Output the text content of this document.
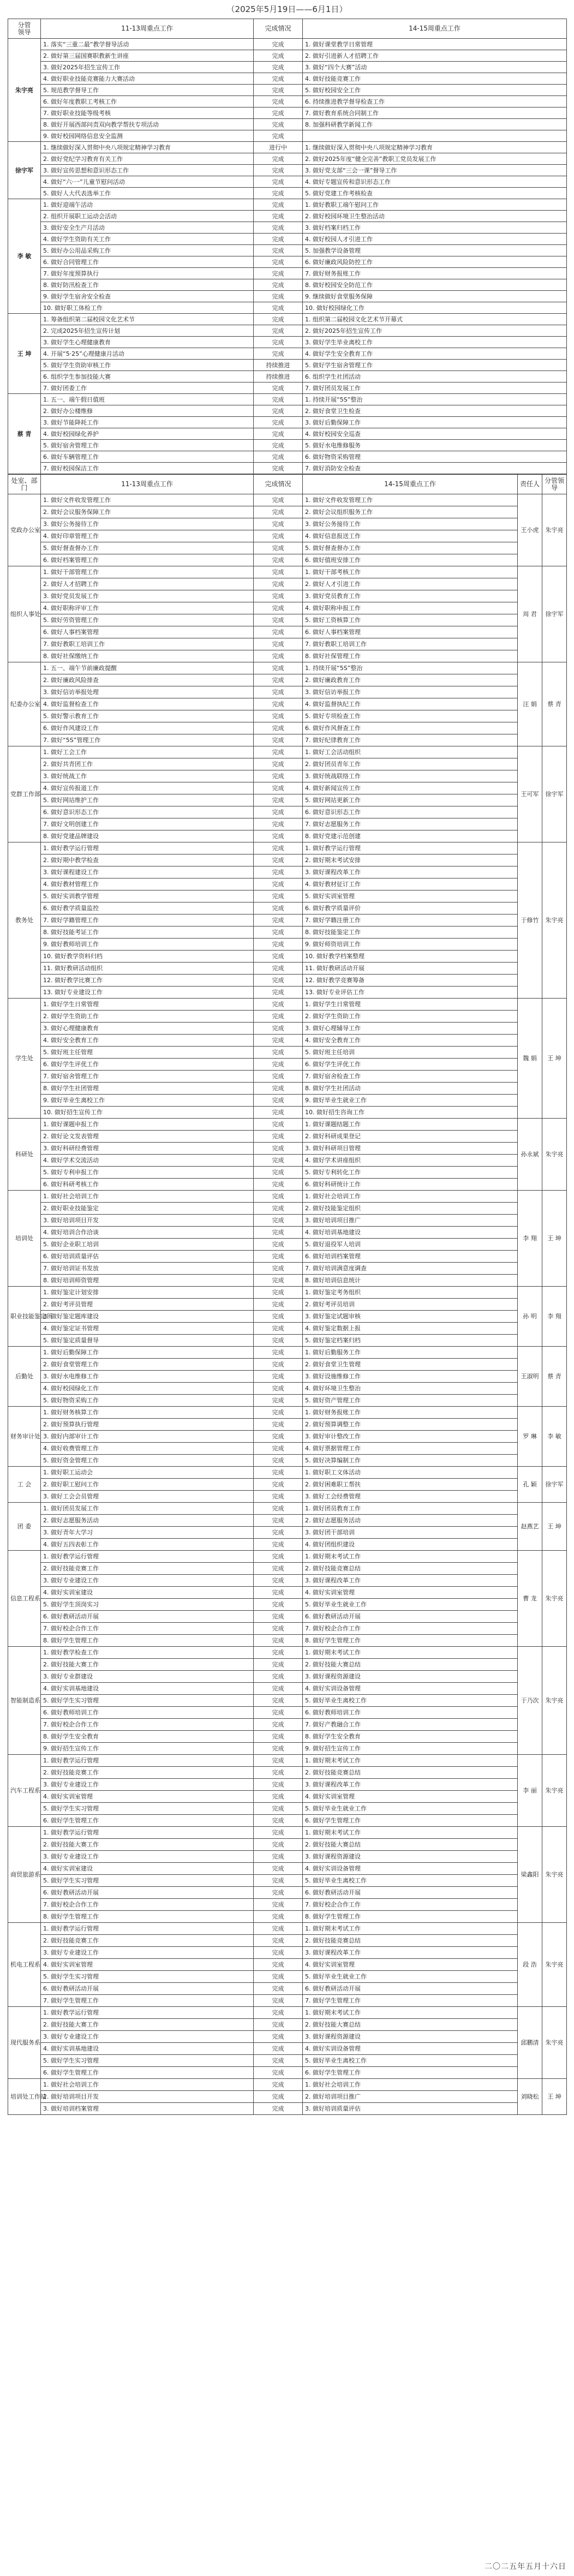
（2025年5月19日——6月1日）
分管
领导	11-13周重点工作	完成情况	14-15周重点工作
朱宇亮	1. 落实“三重二最”教学督导活动	完成	1. 做好课堂教学日常管理
	2. 做好第三届国赛职教新生讲座	完成	2. 做好引进新人才招聘工作
	3. 做好2025年招生宣传工作	完成	3. 做好“四个大赛”活动
	4. 做好职业技能竞赛能力大赛活动	完成	4. 做好技能竞赛工作
	5. 规范教学督导工作	完成	5. 做好校园安全工作
	6. 做好年度教职工考核工作	完成	6. 持续推进教学督导检查工作
	7. 做好职业技能等级考核	完成	7. 做好教育系统合同制工作
	8. 做好开展西部问责双向教学帮扶专项活动	完成	8. 加强科研教学新闻工作
	9. 做好校园网络信息安全监测	完成	
徐宇军	1. 继续做好深入贯彻中央八项规定精神学习教育	进行中	1. 继续做好深入贯彻中央八项规定精神学习教育
	2. 做好党纪学习教育有关工作	完成	2. 做好2025年度“健全完善”教职工党员发展工作
	3. 做好宣传思想和意识形态工作	完成	3. 做好党支部“三会一课”督导工作
	4. 做好“六·一”儿童节慰问活动	完成	4. 做好专题宣传和意识形态工作
	5. 做好人大代表选举工作	完成	5. 做好党建工作考核检查
李 敏	1. 做好迎端午活动	完成	1. 做好教职工端午慰问工作
	2. 组织开展职工运动会活动	完成	2. 做好校园环境卫生整治活动
	3. 做好安全生产月活动	完成	3. 做好档案归档工作
	4. 做好学生资助有关工作	完成	4. 做好校园人才引进工作
	5. 做好办公用品采购工作	完成	5. 加强教学设备管理
	6. 做好合同管理工作	完成	6. 做好廉政风险防控工作
	7. 做好年度预算执行	完成	7. 做好财务报账工作
	8. 做好防汛检查工作	完成	8. 做好校园安全防范工作
	9. 做好学生宿舍安全检查	完成	9. 继续做好食堂服务保障
	10. 做好职工体检工作	完成	10. 做好校园绿化工作
王 坤	1. 筹备组织第二届校园文化艺术节	完成	1. 组织第二届校园文化艺术节开幕式
	2. 完成2025年招生宣传计划	完成	2. 做好2025年招生宣传工作
	3. 做好学生心理健康教育	完成	3. 做好学生毕业离校工作
	4. 开展“5·25”心理健康月活动	完成	4. 做好学生安全教育工作
	5. 做好学生资助审核工作	持续推进	5. 做好学生宿舍管理工作
	6. 组织学生参加技能大赛	持续推进	6. 组织学生社团活动
	7. 做好团委工作	完成	7. 做好团员发展工作
蔡 青	1. 五一、端午假日值班	完成	1. 持续开展“5S”整治
	2. 做好办公楼维修	完成	2. 做好食堂卫生检查
	3. 做好节能降耗工作	完成	3. 做好后勤保障工作
	4. 做好校园绿化养护	完成	4. 做好校园安全巡查
	5. 做好宿舍管理工作	完成	5. 做好水电维修服务
	6. 做好车辆管理工作	完成	6. 做好物资采购管理
	7. 做好校园保洁工作	完成	7. 做好消防安全检查
处室、部门	11-13周重点工作	完成情况	14-15周重点工作	责任人	分管领导
党政办公室	1. 做好文件收发管理工作	完成	1. 做好文件收发管理工作	王小虎	朱宇亮
	2. 做好会议服务保障工作	完成	2. 做好会议组织服务工作		
	3. 做好公务接待工作	完成	3. 做好公务接待工作		
	4. 做好印章管理工作	完成	4. 做好信息报送工作		
	5. 做好督查督办工作	完成	5. 做好督查督办工作		
	6. 做好档案管理工作	完成	6. 做好值班安排工作		
组织人事处	1. 做好干部管理工作	完成	1. 做好干部考核工作	周 君	徐宇军
	2. 做好人才招聘工作	完成	2. 做好人才引进工作		
	3. 做好党员发展工作	完成	3. 做好党员教育工作		
	4. 做好职称评审工作	完成	4. 做好职称申报工作		
	5. 做好劳资管理工作	完成	5. 做好工资核算工作		
	6. 做好人事档案管理	完成	6. 做好人事档案管理		
	7. 做好教职工培训工作	完成	7. 做好教职工培训工作		
	8. 做好社保缴纳工作	完成	8. 做好社保管理工作		
纪委办公室	1. 五一、端午节前廉政提醒	完成	1. 持续开展“5S”整治	汪 娟	蔡 青
	2. 做好廉政风险排查	完成	2. 做好廉政教育工作		
	3. 做好信访举报处理	完成	3. 做好信访举报工作		
	4. 做好监督检查工作	完成	4. 做好监督执纪工作		
	5. 做好警示教育工作	完成	5. 做好专项检查工作		
	6. 做好作风建设工作	完成	6. 做好作风督查工作		
	7. 做好“5S”管理工作	完成	7. 做好纪律教育工作		
党群工作部	1. 做好工会工作	完成	1. 做好工会活动组织	王可军	徐宇军
	2. 做好共青团工作	完成	2. 做好团员青年工作		
	3. 做好统战工作	完成	3. 做好统战联络工作		
	4. 做好宣传报道工作	完成	4. 做好新闻宣传工作		
	5. 做好网站维护工作	完成	5. 做好网站更新工作		
	6. 做好意识形态工作	完成	6. 做好意识形态工作		
	7. 做好文明创建工作	完成	7. 做好志愿服务工作		
	8. 做好党建品牌建设	完成	8. 做好党建示范创建		
教务处	1. 做好教学运行管理	完成	1. 做好教学运行管理	于修竹	朱宇亮
	2. 做好期中教学检查	完成	2. 做好期末考试安排		
	3. 做好课程建设工作	完成	3. 做好课程改革工作		
	4. 做好教材管理工作	完成	4. 做好教材征订工作		
	5. 做好实训教学管理	完成	5. 做好实训室管理		
	6. 做好教学质量监控	完成	6. 做好教学质量评价		
	7. 做好学籍管理工作	完成	7. 做好学籍注册工作		
	8. 做好技能考证工作	完成	8. 做好技能鉴定工作		
	9. 做好教师培训工作	完成	9. 做好师资培训工作		
	10. 做好教学资料归档	完成	10. 做好教学档案整理		
	11. 做好教研活动组织	完成	11. 做好教研活动开展		
	12. 做好教学比赛工作	完成	12. 做好教学竞赛筹备		
	13. 做好专业建设工作	完成	13. 做好专业评估工作		
学生处	1. 做好学生日常管理	完成	1. 做好学生日常管理	魏 娟	王 坤
	2. 做好学生资助工作	完成	2. 做好学生资助工作		
	3. 做好心理健康教育	完成	3. 做好心理辅导工作		
	4. 做好安全教育工作	完成	4. 做好安全教育工作		
	5. 做好班主任管理	完成	5. 做好班主任培训		
	6. 做好学生评优工作	完成	6. 做好学生评优工作		
	7. 做好宿舍管理工作	完成	7. 做好宿舍检查工作		
	8. 做好学生社团管理	完成	8. 做好学生社团活动		
	9. 做好毕业生离校工作	完成	9. 做好毕业生就业工作		
	10. 做好招生宣传工作	完成	10. 做好招生咨询工作		
科研处	1. 做好课题申报工作	完成	1. 做好课题结题工作	孙永斌	朱宇亮
	2. 做好论文发表管理	完成	2. 做好科研成果登记		
	3. 做好科研经费管理	完成	3. 做好科研项目管理		
	4. 做好学术交流活动	完成	4. 做好学术讲座组织		
	5. 做好专利申报工作	完成	5. 做好专利转化工作		
	6. 做好科研考核工作	完成	6. 做好科研统计工作		
培训处	1. 做好社会培训工作	完成	1. 做好社会培训工作	李 翔	王 坤
	2. 做好职业技能鉴定	完成	2. 做好技能鉴定组织		
	3. 做好培训项目开发	完成	3. 做好培训项目推广		
	4. 做好培训合作洽谈	完成	4. 做好培训基地建设		
	5. 做好企业职工培训	完成	5. 做好退役军人培训		
	6. 做好培训质量评估	完成	6. 做好培训档案管理		
	7. 做好培训证书发放	完成	7. 做好培训满意度调查		
	8. 做好培训师资管理	完成	8. 做好培训信息统计		
职业技能鉴定所	1. 做好鉴定计划安排	完成	1. 做好鉴定考务组织	孙 明	李 翔
	2. 做好考评员管理	完成	2. 做好考评员培训		
	3. 做好鉴定题库建设	完成	3. 做好鉴定试题审核		
	4. 做好鉴定证书管理	完成	4. 做好鉴定数据上报		
	5. 做好鉴定质量督导	完成	5. 做好鉴定档案归档		
后勤处	1. 做好后勤保障工作	完成	1. 做好后勤服务工作	王淑明	蔡 青
	2. 做好食堂管理工作	完成	2. 做好食堂卫生管理		
	3. 做好水电维修工作	完成	3. 做好设施维修工作		
	4. 做好校园绿化工作	完成	4. 做好环境卫生整治		
	5. 做好物资采购工作	完成	5. 做好资产管理工作		
财务审计处	1. 做好财务核算工作	完成	1. 做好财务报账工作	罗 琳	李 敏
	2. 做好预算执行管理	完成	2. 做好预算调整工作		
	3. 做好内部审计工作	完成	3. 做好审计整改工作		
	4. 做好收费管理工作	完成	4. 做好票据管理工作		
	5. 做好资金管理工作	完成	5. 做好决算编制工作		
工 会	1. 做好职工运动会	完成	1. 做好职工文体活动	孔 颖	徐宇军
	2. 做好职工慰问工作	完成	2. 做好困难职工帮扶		
	3. 做好工会会员管理	完成	3. 做好工会经费管理		
团 委	1. 做好团员发展工作	完成	1. 做好团员教育工作	赵燕艺	王 坤
	2. 做好志愿服务活动	完成	2. 做好志愿服务活动		
	3. 做好青年大学习	完成	3. 做好团干部培训		
	4. 做好五四表彰工作	完成	4. 做好团组织建设		
信息工程系	1. 做好教学运行管理	完成	1. 做好期末考试工作	曹 龙	朱宇亮
	2. 做好技能竞赛工作	完成	2. 做好技能竞赛总结		
	3. 做好专业建设工作	完成	3. 做好课程改革工作		
	4. 做好实训室建设	完成	4. 做好实训室管理		
	5. 做好学生顶岗实习	完成	5. 做好毕业生就业工作		
	6. 做好教研活动开展	完成	6. 做好教研活动开展		
	7. 做好校企合作工作	完成	7. 做好校企合作工作		
	8. 做好学生管理工作	完成	8. 做好学生管理工作		
智能制造系	1. 做好教学检查工作	完成	1. 做好期末考试工作	于乃次	朱宇亮
	2. 做好技能大赛工作	完成	2. 做好技能大赛总结		
	3. 做好专业群建设	完成	3. 做好课程资源建设		
	4. 做好实训基地建设	完成	4. 做好实训设备管理		
	5. 做好学生实习管理	完成	5. 做好毕业生离校工作		
	6. 做好教师培训工作	完成	6. 做好教师培训工作		
	7. 做好校企合作工作	完成	7. 做好产教融合工作		
	8. 做好学生安全教育	完成	8. 做好学生安全教育		
	9. 做好招生宣传工作	完成	9. 做好招生宣传工作		
汽车工程系	1. 做好教学运行管理	完成	1. 做好期末考试工作	李 丽	朱宇亮
	2. 做好技能竞赛工作	完成	2. 做好技能竞赛总结		
	3. 做好专业建设工作	完成	3. 做好课程改革工作		
	4. 做好实训室管理	完成	4. 做好实训室管理		
	5. 做好学生实习管理	完成	5. 做好毕业生就业工作		
	6. 做好学生管理工作	完成	6. 做好学生管理工作		
商贸旅游系	1. 做好教学运行管理	完成	1. 做好期末考试工作	梁鑫阳	朱宇亮
	2. 做好技能大赛工作	完成	2. 做好技能大赛总结		
	3. 做好专业建设工作	完成	3. 做好课程资源建设		
	4. 做好实训室建设	完成	4. 做好实训设备管理		
	5. 做好学生实习管理	完成	5. 做好毕业生离校工作		
	6. 做好教研活动开展	完成	6. 做好教研活动开展		
	7. 做好校企合作工作	完成	7. 做好校企合作工作		
	8. 做好学生管理工作	完成	8. 做好学生管理工作		
机电工程系	1. 做好教学运行管理	完成	1. 做好期末考试工作	段 浩	朱宇亮
	2. 做好技能竞赛工作	完成	2. 做好技能竞赛总结		
	3. 做好专业建设工作	完成	3. 做好课程改革工作		
	4. 做好实训室管理	完成	4. 做好实训室管理		
	5. 做好学生实习管理	完成	5. 做好毕业生就业工作		
	6. 做好教研活动开展	完成	6. 做好教研活动开展		
	7. 做好学生管理工作	完成	7. 做好学生管理工作		
现代服务系	1. 做好教学运行管理	完成	1. 做好期末考试工作	邱鹏清	朱宇亮
	2. 做好技能大赛工作	完成	2. 做好技能大赛总结		
	3. 做好专业建设工作	完成	3. 做好课程资源建设		
	4. 做好实训基地建设	完成	4. 做好实训设备管理		
	5. 做好学生实习管理	完成	5. 做好毕业生离校工作		
	6. 做好学生管理工作	完成	6. 做好学生管理工作		
培训处工作站	1. 做好社会培训工作	完成	1. 做好社会培训工作	刘晓松	王 坤
	2. 做好培训项目开发	完成	2. 做好培训项目推广		
	3. 做好培训档案管理	完成	3. 做好培训质量评估		
二〇二五年五月十六日
